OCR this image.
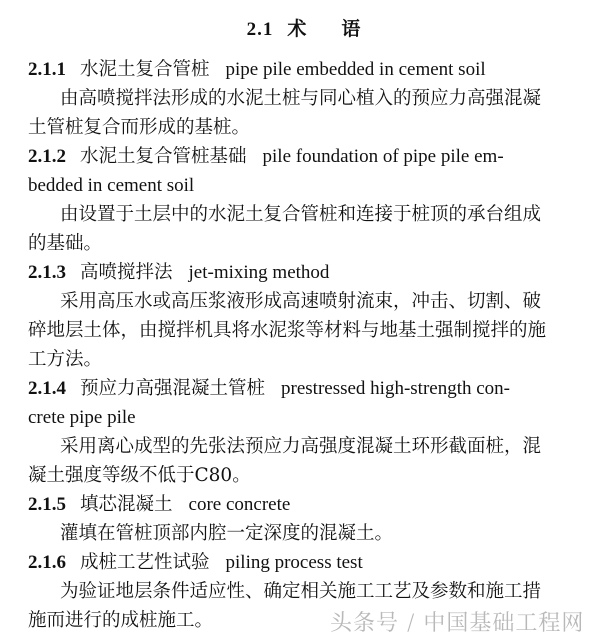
2.1 术 语
2.1.1 水泥土复合管桩 pipe pile embedded in cement soil
由高喷搅拌法形成的水泥土桩与同心植入的预应力高强混凝
土管桩复合而形成的基桩。
2.1.2 水泥土复合管桩基础 pile foundation of pipe pile em-
bedded in cement soil
由设置于土层中的水泥土复合管桩和连接于桩顶的承台组成
的基础。
2.1.3 高喷搅拌法 jet-mixing method
采用高压水或高压浆液形成高速喷射流束，冲击、切割、破
碎地层土体，由搅拌机具将水泥浆等材料与地基土强制搅拌的施
工方法。
2.1.4 预应力高强混凝土管桩 prestressed high-strength con-
crete pipe pile
采用离心成型的先张法预应力高强度混凝土环形截面桩，混
凝土强度等级不低于C80。
2.1.5 填芯混凝土 core concrete
灌填在管桩顶部内腔一定深度的混凝土。
2.1.6 成桩工艺性试验 piling process test
为验证地层条件适应性、确定相关施工工艺及参数和施工措
施而进行的成桩施工。	头条号 / 中国基础工程网
